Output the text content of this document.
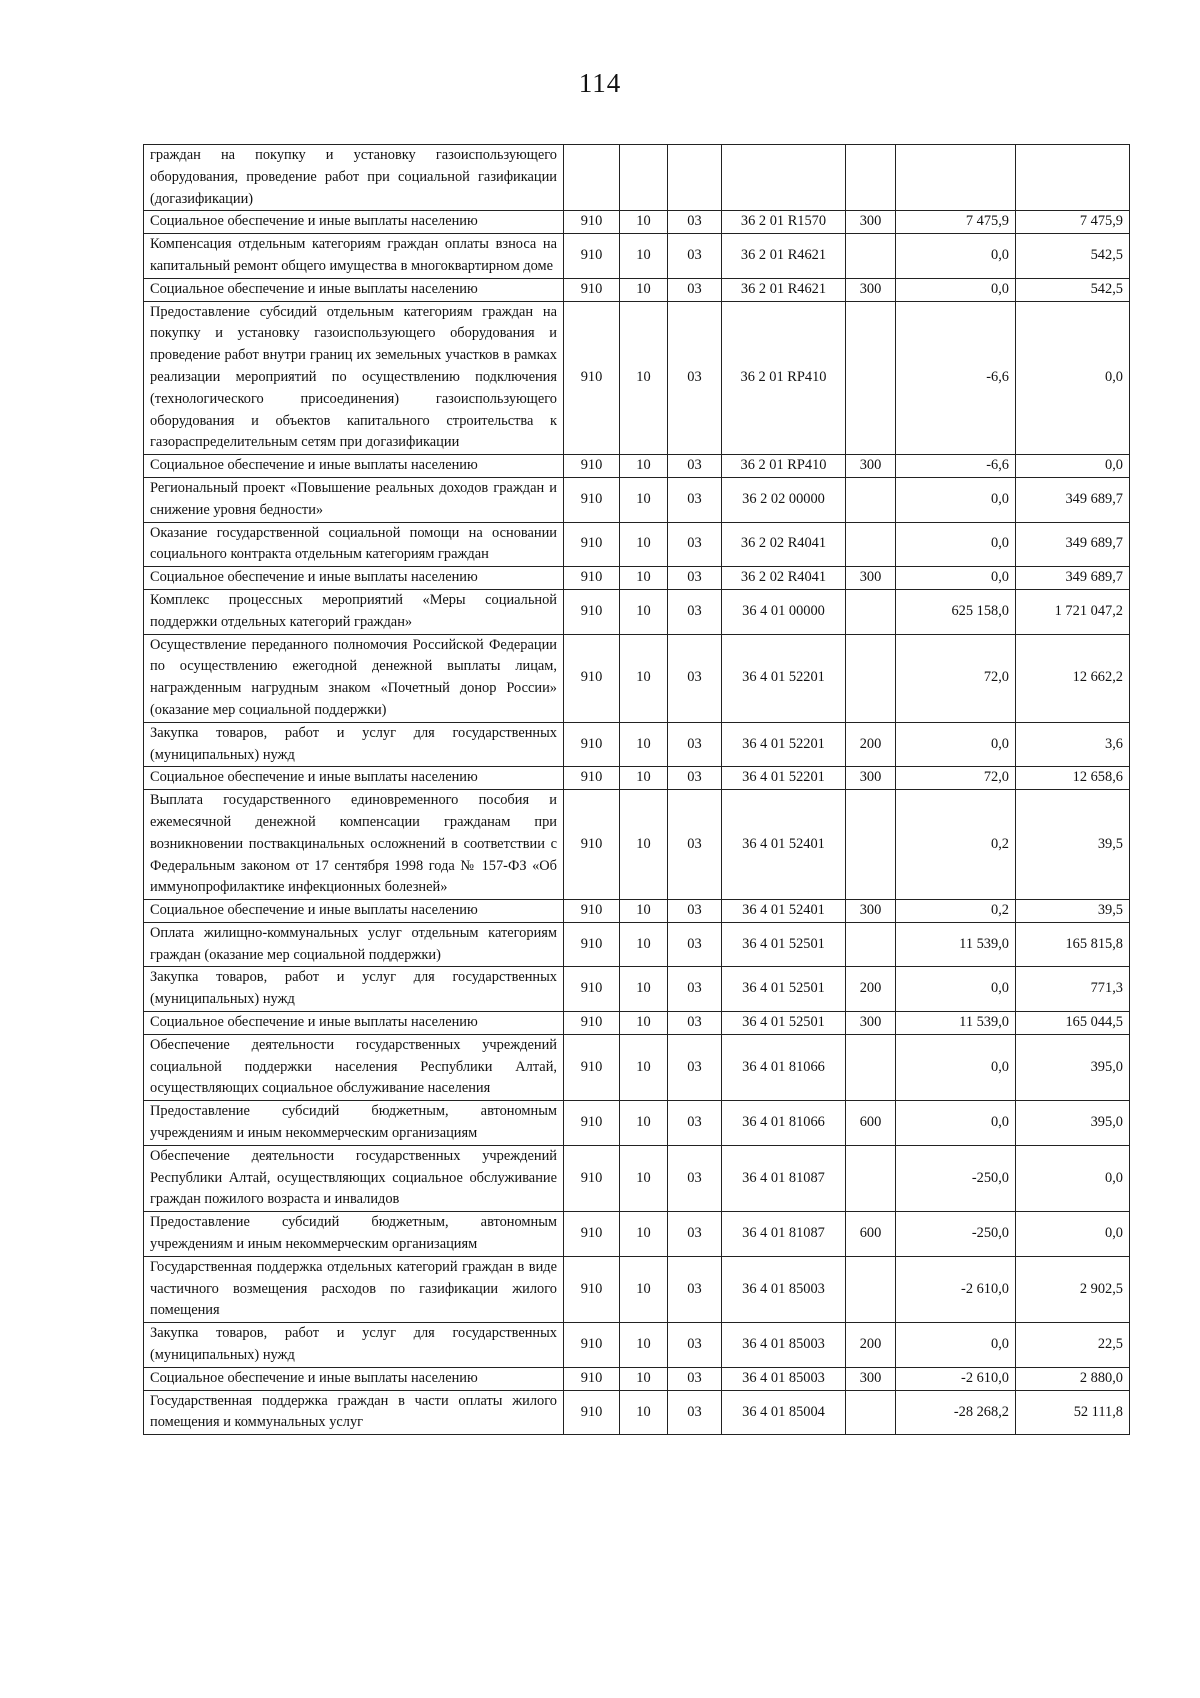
114
граждан на покупку и установку газоиспользующего оборудования, проведение работ при социальной газификации (догазификации)							
Социальное обеспечение и иные выплаты населению	910	10	03	36 2 01 R1570	300	7 475,9	7 475,9
Компенсация отдельным категориям граждан оплаты взноса на капитальный ремонт общего имущества в многоквартирном доме	910	10	03	36 2 01 R4621		0,0	542,5
Социальное обеспечение и иные выплаты населению	910	10	03	36 2 01 R4621	300	0,0	542,5
Предоставление субсидий отдельным категориям граждан на покупку и установку газоиспользующего оборудования и проведение работ внутри границ их земельных участков в рамках реализации мероприятий по осуществлению подключения (технологического присоединения) газоиспользующего оборудования и объектов капитального строительства к газораспределительным сетям при догазификации	910	10	03	36 2 01 RP410		-6,6	0,0
Социальное обеспечение и иные выплаты населению	910	10	03	36 2 01 RP410	300	-6,6	0,0
Региональный проект «Повышение реальных доходов граждан и снижение уровня бедности»	910	10	03	36 2 02 00000		0,0	349 689,7
Оказание государственной социальной помощи на основании социального контракта отдельным категориям граждан	910	10	03	36 2 02 R4041		0,0	349 689,7
Социальное обеспечение и иные выплаты населению	910	10	03	36 2 02 R4041	300	0,0	349 689,7
Комплекс процессных мероприятий «Меры социальной поддержки отдельных категорий граждан»	910	10	03	36 4 01 00000		625 158,0	1 721 047,2
Осуществление переданного полномочия Российской Федерации по осуществлению ежегодной денежной выплаты лицам, награжденным нагрудным знаком «Почетный донор России» (оказание мер социальной поддержки)	910	10	03	36 4 01 52201		72,0	12 662,2
Закупка товаров, работ и услуг для государственных (муниципальных) нужд	910	10	03	36 4 01 52201	200	0,0	3,6
Социальное обеспечение и иные выплаты населению	910	10	03	36 4 01 52201	300	72,0	12 658,6
Выплата государственного единовременного пособия и ежемесячной денежной компенсации гражданам при возникновении поствакцинальных осложнений в соответствии с Федеральным законом от 17 сентября 1998 года № 157-ФЗ «Об иммунопрофилактике инфекционных болезней»	910	10	03	36 4 01 52401		0,2	39,5
Социальное обеспечение и иные выплаты населению	910	10	03	36 4 01 52401	300	0,2	39,5
Оплата жилищно-коммунальных услуг отдельным категориям граждан (оказание мер социальной поддержки)	910	10	03	36 4 01 52501		11 539,0	165 815,8
Закупка товаров, работ и услуг для государственных (муниципальных) нужд	910	10	03	36 4 01 52501	200	0,0	771,3
Социальное обеспечение и иные выплаты населению	910	10	03	36 4 01 52501	300	11 539,0	165 044,5
Обеспечение деятельности государственных учреждений социальной поддержки населения Республики Алтай, осуществляющих социальное обслуживание населения	910	10	03	36 4 01 81066		0,0	395,0
Предоставление субсидий бюджетным, автономным учреждениям и иным некоммерческим организациям	910	10	03	36 4 01 81066	600	0,0	395,0
Обеспечение деятельности государственных учреждений Республики Алтай, осуществляющих социальное обслуживание граждан пожилого возраста и инвалидов	910	10	03	36 4 01 81087		-250,0	0,0
Предоставление субсидий бюджетным, автономным учреждениям и иным некоммерческим организациям	910	10	03	36 4 01 81087	600	-250,0	0,0
Государственная поддержка отдельных категорий граждан в виде частичного возмещения расходов по газификации жилого помещения	910	10	03	36 4 01 85003		-2 610,0	2 902,5
Закупка товаров, работ и услуг для государственных (муниципальных) нужд	910	10	03	36 4 01 85003	200	0,0	22,5
Социальное обеспечение и иные выплаты населению	910	10	03	36 4 01 85003	300	-2 610,0	2 880,0
Государственная поддержка граждан в части оплаты жилого помещения и коммунальных услуг	910	10	03	36 4 01 85004		-28 268,2	52 111,8
